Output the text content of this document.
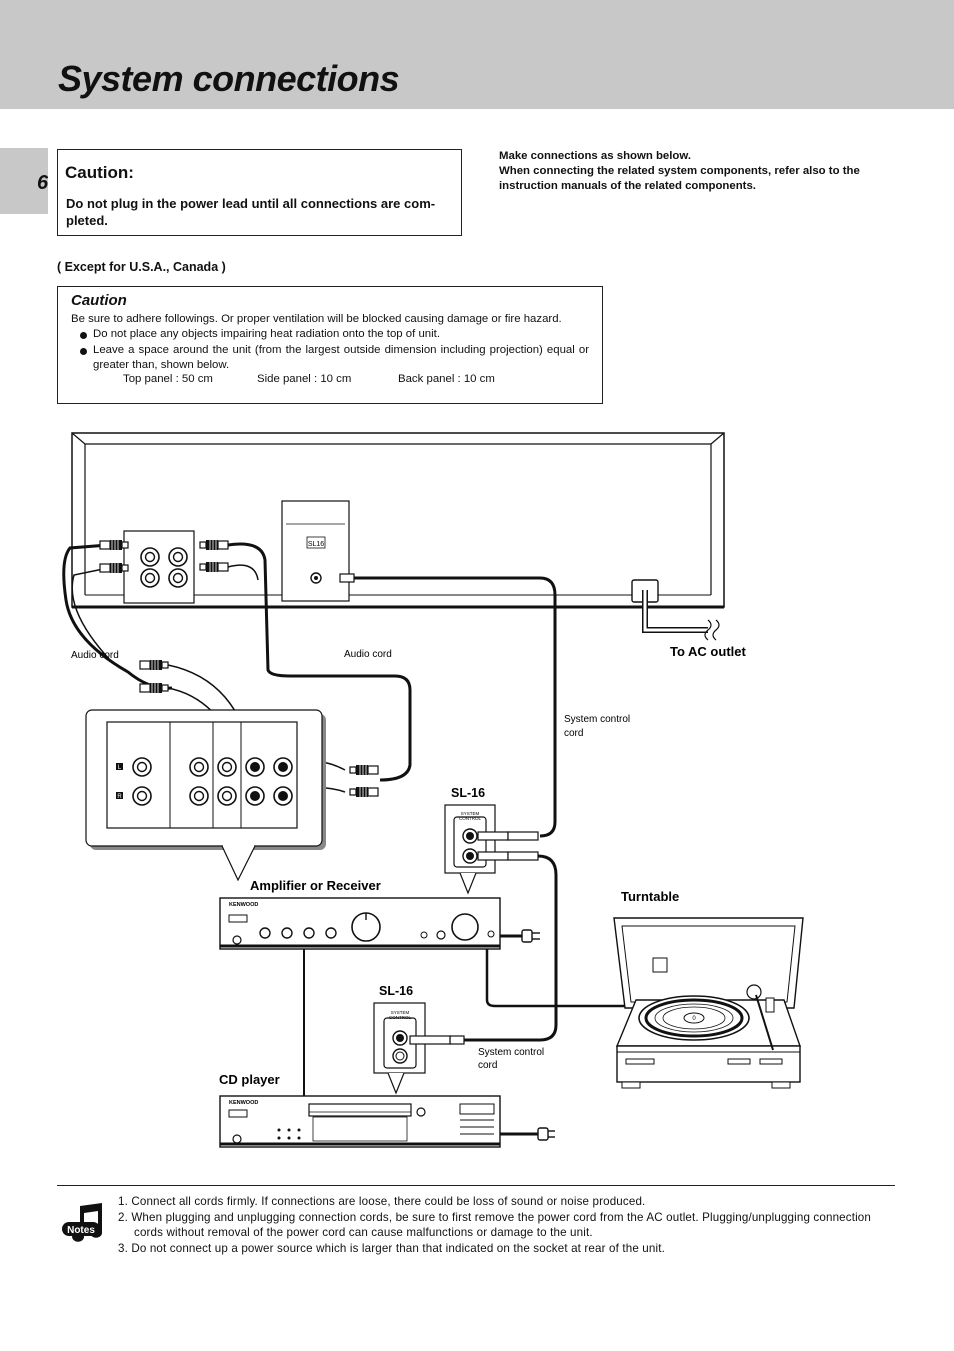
System connections
6 Caution:
Do not plug in the power lead until all connections are com- pleted.
Make connections as shown below.
When connecting the related system components, refer also to the instruction manuals of the related components.
( Except for U.S.A., Canada )
Caution
Be sure to adhere followings. Or proper ventilation will be blocked causing damage or fire hazard.
Do not place any objects impairing heat radiation onto the top of unit.
Leave a space around the unit (from the largest outside dimension including projection) equal or greater than, shown below.
Top panel : 50 cm	Side panel : 10 cm	Back panel : 10 cm
SL16
To AC outlet
Audio cord	Audio cord
L
R
System control
cord
SL-16
SYSTEM
CONTROL
System control
cord
Amplifier or Receiver
KENWOOD
Turntable
0
SL-16
SYSTEM
CONTROL
CD player
KENWOOD
Notes
1. Connect all cords firmly. If connections are loose, there could be loss of sound or noise produced.
2. When plugging and unplugging connection cords, be sure to first remove the power cord from the AC outlet. Plugging/unplugging connection cords without removal of the power cord can cause malfunctions or damage to the unit.
3. Do not connect up a power source which is larger than that indicated on the socket at rear of the unit.
